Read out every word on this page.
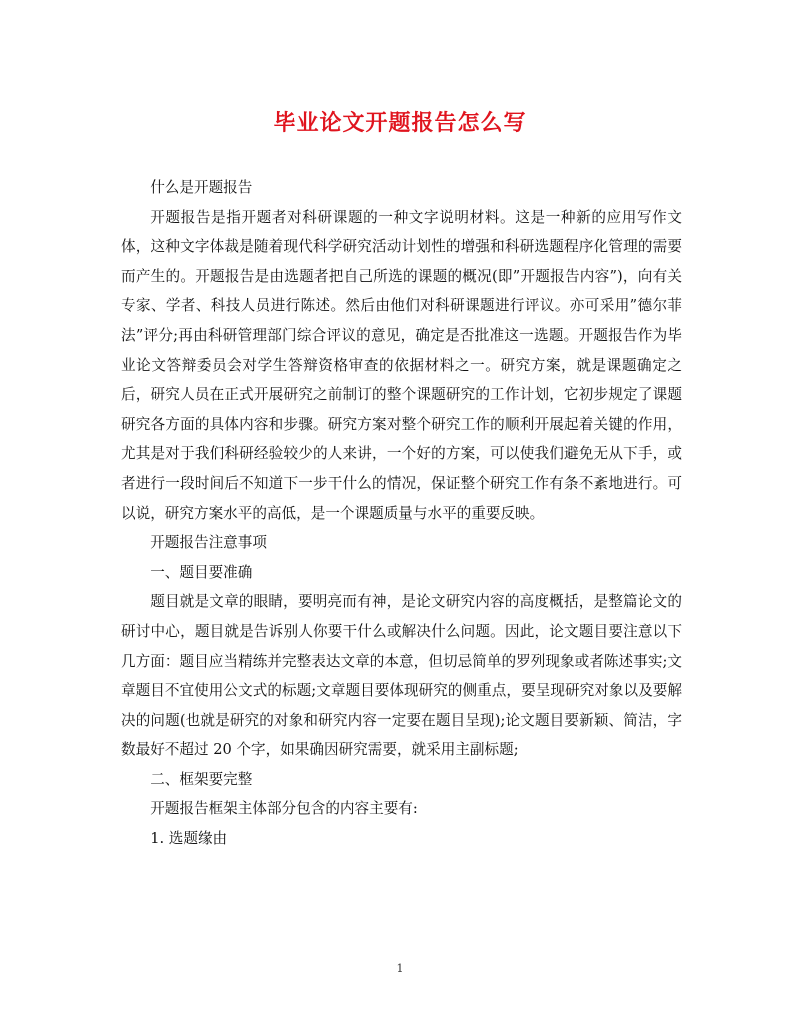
毕业论文开题报告怎么写

什么是开题报告

开题报告是指开题者对科研课题的一种文字说明材料。这是一种新的应用写作文体，这种文字体裁是随着现代科学研究活动计划性的增强和科研选题程序化管理的需要而产生的。开题报告是由选题者把自己所选的课题的概况(即”开题报告内容”)，向有关专家、学者、科技人员进行陈述。然后由他们对科研课题进行评议。亦可采用”德尔菲法”评分;再由科研管理部门综合评议的意见，确定是否批准这一选题。开题报告作为毕业论文答辩委员会对学生答辩资格审查的依据材料之一。研究方案，就是课题确定之后，研究人员在正式开展研究之前制订的整个课题研究的工作计划，它初步规定了课题研究各方面的具体内容和步骤。研究方案对整个研究工作的顺利开展起着关键的作用，尤其是对于我们科研经验较少的人来讲，一个好的方案，可以使我们避免无从下手，或者进行一段时间后不知道下一步干什么的情况，保证整个研究工作有条不紊地进行。可以说，研究方案水平的高低，是一个课题质量与水平的重要反映。

开题报告注意事项

一、题目要准确

题目就是文章的眼睛，要明亮而有神，是论文研究内容的高度概括，是整篇论文的研讨中心，题目就是告诉别人你要干什么或解决什么问题。因此，论文题目要注意以下几方面：题目应当精练并完整表达文章的本意，但切忌简单的罗列现象或者陈述事实;文章题目不宜使用公文式的标题;文章题目要体现研究的侧重点，要呈现研究对象以及要解决的问题(也就是研究的对象和研究内容一定要在题目呈现);论文题目要新颖、简洁，字数最好不超过 20 个字，如果确因研究需要，就采用主副标题;

二、框架要完整

开题报告框架主体部分包含的内容主要有:

1. 选题缘由

1
